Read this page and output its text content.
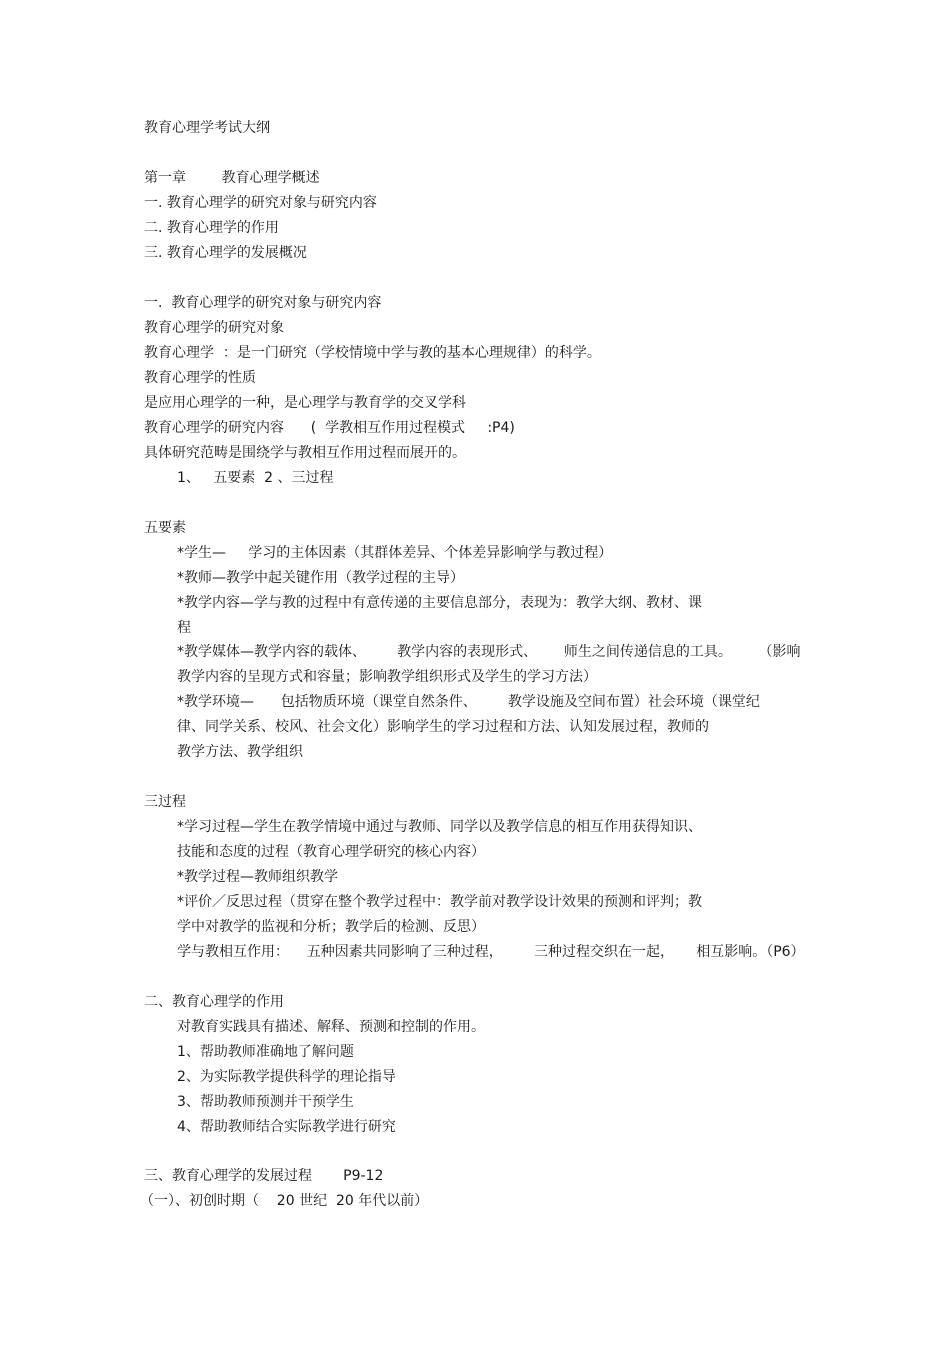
教育心理学考试大纲

第一章        教育心理学概述

一. 教育心理学的研究对象与研究内容

二. 教育心理学的作用

三. 教育心理学的发展概况

一.  教育心理学的研究对象与研究内容

教育心理学的研究对象

教育心理学  ：是一门研究（学校情境中学与教的基本心理规律）的科学。

教育心理学的性质

是应用心理学的一种，是心理学与教育学的交叉学科

教育心理学的研究内容      (  学教相互作用过程模式     :P4)

具体研究范畴是围绕学与教相互作用过程而展开的。

1、   五要素  2 、三过程

五要素

*学生—     学习的主体因素（其群体差异、个体差异影响学与教过程）

*教师—教学中起关键作用（教学过程的主导）

*教学内容—学与教的过程中有意传递的主要信息部分，表现为：教学大纲、教材、课

程

*教学媒体—教学内容的载体、       教学内容的表现形式、      师生之间传递信息的工具。      （影响

教学内容的呈现方式和容量；影响教学组织形式及学生的学习方法）

*教学环境—      包括物质环境（课堂自然条件、       教学设施及空间布置）社会环境（课堂纪

律、同学关系、校风、社会文化）影响学生的学习过程和方法、认知发展过程，教师的

教学方法、教学组织

三过程

*学习过程—学生在教学情境中通过与教师、同学以及教学信息的相互作用获得知识、

技能和态度的过程（教育心理学研究的核心内容）

*教学过程—教师组织教学

*评价／反思过程（贯穿在整个教学过程中：教学前对教学设计效果的预测和评判；教

学中对教学的监视和分析；教学后的检测、反思）

学与教相互作用：    五种因素共同影响了三种过程，       三种过程交织在一起，     相互影响。（P6）

二、教育心理学的作用

对教育实践具有描述、解释、预测和控制的作用。

1、帮助教师准确地了解问题

2、为实际教学提供科学的理论指导

3、帮助教师预测并干预学生

4、帮助教师结合实际教学进行研究

三、教育心理学的发展过程       P9-12

（一）、初创时期（    20 世纪  20 年代以前）
